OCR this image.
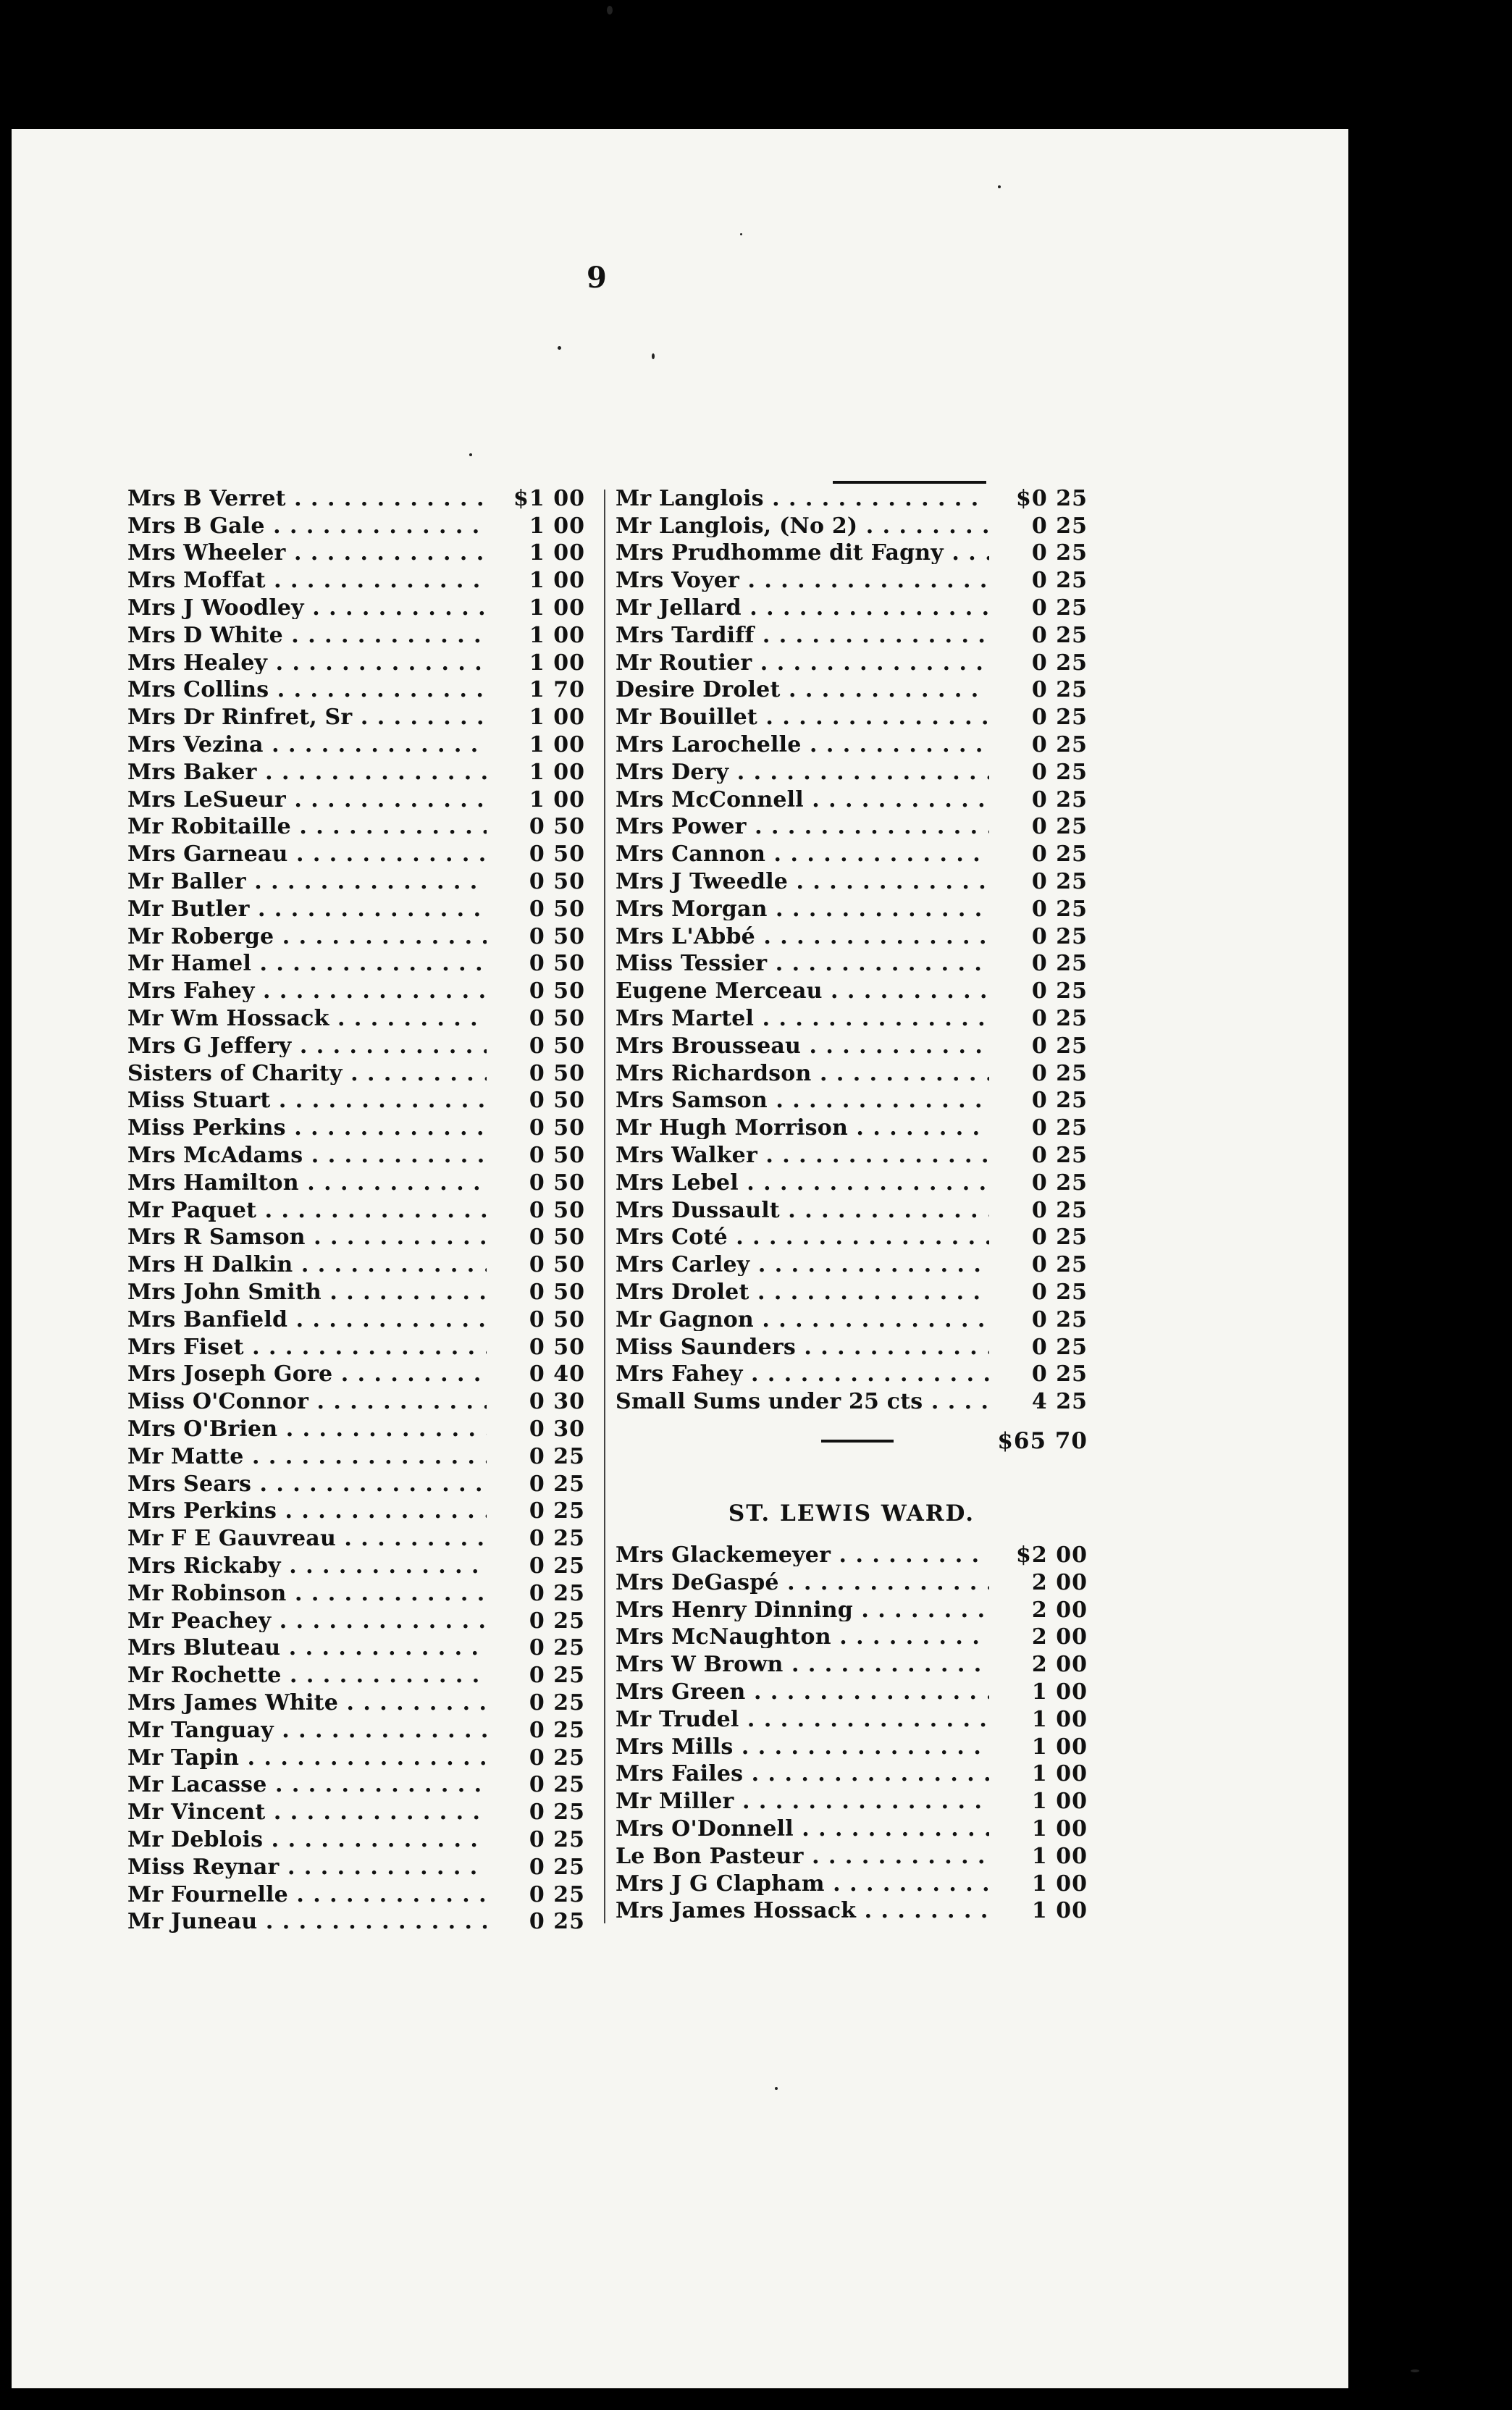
9
Mrs B Verret . . .	$1 00
Mrs B Gale . . .	1 00
Mrs Wheeler . . .	1 00
Mrs Moffat . . .	1 00
Mrs J Woodley . . .	1 00
Mrs D White . . .	1 00
Mrs Healey . . .	1 00
Mrs Collins . . .	1 70
Mrs Dr Rinfret, Sr . . .	1 00
Mrs Vezina . . .	1 00
Mrs Baker . . .	1 00
Mrs LeSueur . . .	1 00
Mr Robitaille . . .	0 50
Mrs Garneau . . .	0 50
Mr Baller . . .	0 50
Mr Butler . . .	0 50
Mr Roberge . . .	0 50
Mr Hamel . . .	0 50
Mrs Fahey . . .	0 50
Mr Wm Hossack . . .	0 50
Mrs G Jeffery . . .	0 50
Sisters of Charity . . .	0 50
Miss Stuart . . .	0 50
Miss Perkins . . .	0 50
Mrs McAdams . . .	0 50
Mrs Hamilton . . .	0 50
Mr Paquet . . .	0 50
Mrs R Samson . . .	0 50
Mrs H Dalkin . . .	0 50
Mrs John Smith . . .	0 50
Mrs Banfield . . .	0 50
Mrs Fiset . . .	0 50
Mrs Joseph Gore . . .	0 40
Miss O'Connor . . .	0 30
Mrs O'Brien . . .	0 30
Mr Matte . . .	0 25
Mrs Sears . . .	0 25
Mrs Perkins . . .	0 25
Mr F E Gauvreau . . .	0 25
Mrs Rickaby . . .	0 25
Mr Robinson . . .	0 25
Mr Peachey . . .	0 25
Mrs Bluteau . . .	0 25
Mr Rochette . . .	0 25
Mrs James White . . .	0 25
Mr Tanguay . . .	0 25
Mr Tapin . . .	0 25
Mr Lacasse . . .	0 25
Mr Vincent . . .	0 25
Mr Deblois . . .	0 25
Miss Reynar . . .	0 25
Mr Fournelle . . .	0 25
Mr Juneau . . .	0 25
Mr Langlois . . .	$0 25
Mr Langlois, (No 2) . . .	0 25
Mrs Prudhomme dit Fagny . . .	0 25
Mrs Voyer . . .	0 25
Mr Jellard . . .	0 25
Mrs Tardiff . . .	0 25
Mr Routier . . .	0 25
Desire Drolet . . .	0 25
Mr Bouillet . . .	0 25
Mrs Larochelle . . .	0 25
Mrs Dery . . .	0 25
Mrs McConnell . . .	0 25
Mrs Power . . .	0 25
Mrs Cannon . . .	0 25
Mrs J Tweedle . . .	0 25
Mrs Morgan . . .	0 25
Mrs L'Abbé . . .	0 25
Miss Tessier . . .	0 25
Eugene Merceau . . .	0 25
Mrs Martel . . .	0 25
Mrs Brousseau . . .	0 25
Mrs Richardson . . .	0 25
Mrs Samson . . .	0 25
Mr Hugh Morrison . . .	0 25
Mrs Walker . . .	0 25
Mrs Lebel . . .	0 25
Mrs Dussault . . .	0 25
Mrs Coté . . .	0 25
Mrs Carley . . .	0 25
Mrs Drolet . . .	0 25
Mr Gagnon . . .	0 25
Miss Saunders . . .	0 25
Mrs Fahey . . .	0 25
Small Sums under 25 cts . . .	4 25
$65 70
ST. LEWIS WARD.
Mrs Glackemeyer . . .	$2 00
Mrs DeGaspé . . .	2 00
Mrs Henry Dinning . . .	2 00
Mrs McNaughton . . .	2 00
Mrs W Brown . . .	2 00
Mrs Green . . .	1 00
Mr Trudel . . .	1 00
Mrs Mills . . .	1 00
Mrs Failes . . .	1 00
Mr Miller . . .	1 00
Mrs O'Donnell . . .	1 00
Le Bon Pasteur . . .	1 00
Mrs J G Clapham . . .	1 00
Mrs James Hossack . . .	1 00
